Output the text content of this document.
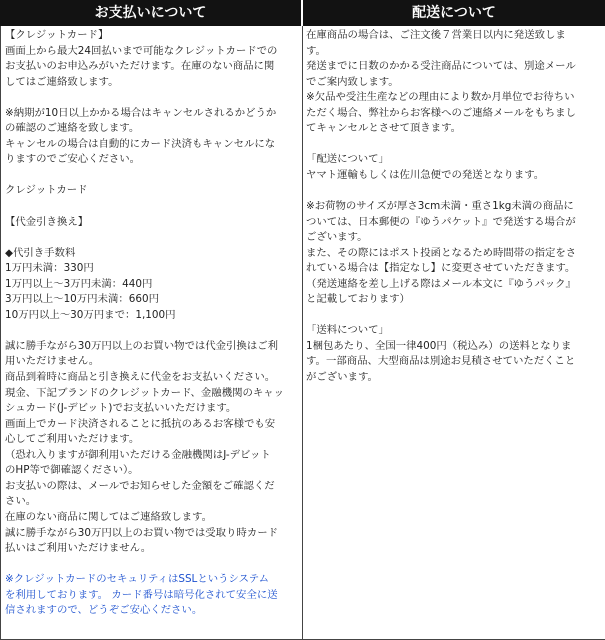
お支払いについて	配送について
【クレジットカード】
画面上から最大24回払いまで可能なクレジットカードでの
お支払いのお申込みがいただけます。在庫のない商品に関
してはご連絡致します。
※納期が10日以上かかる場合はキャンセルされるかどうか
の確認のご連絡を致します。
キャンセルの場合は自動的にカード決済もキャンセルにな
りますのでご安心ください。
クレジットカード
【代金引き換え】
◆代引き手数料
1万円未満：330円
1万円以上～3万円未満：440円
3万円以上～10万円未満：660円
10万円以上～30万円まで：1,100円
誠に勝手ながら30万円以上のお買い物では代金引換はご利
用いただけません。
商品到着時に商品と引き換えに代金をお支払いください。
現金、下記ブランドのクレジットカード、金融機関のキャッ
シュカード(J-デビット)でお支払いいただけます。
画面上でカード決済されることに抵抗のあるお客様でも安
心してご利用いただけます。
（恐れ入りますが御利用いただける金融機関はJ-デビット
のHP等で御確認ください）。
お支払いの際は、メールでお知らせした金額をご確認くだ
さい。
在庫のない商品に関してはご連絡致します。
誠に勝手ながら30万円以上のお買い物では受取り時カード
払いはご利用いただけません。
※クレジットカードのセキュリティはSSLというシステム
を利用しております。 カード番号は暗号化されて安全に送
信されますので、どうぞご安心ください。
在庫商品の場合は、ご注文後７営業日以内に発送致しま
す。
発送までに日数のかかる受注商品については、別途メール
でご案内致します。
※欠品や受注生産などの理由により数か月単位でお待ちい
ただく場合、弊社からお客様へのご連絡メールをもちまし
てキャンセルとさせて頂きます。
「配送について」
ヤマト運輸もしくは佐川急便での発送となります。
※お荷物のサイズが厚さ3cm未満・重さ1kg未満の商品に
ついては、日本郵便の『ゆうパケット』で発送する場合が
ございます。
また、その際にはポスト投函となるため時間帯の指定をさ
れている場合は【指定なし】に変更させていただきます。
（発送連絡を差し上げる際はメール本文に『ゆうパック』
と記載しております）
「送料について」
1梱包あたり、全国一律400円（税込み）の送料となりま
す。一部商品、大型商品は別途お見積させていただくこと
がございます。
